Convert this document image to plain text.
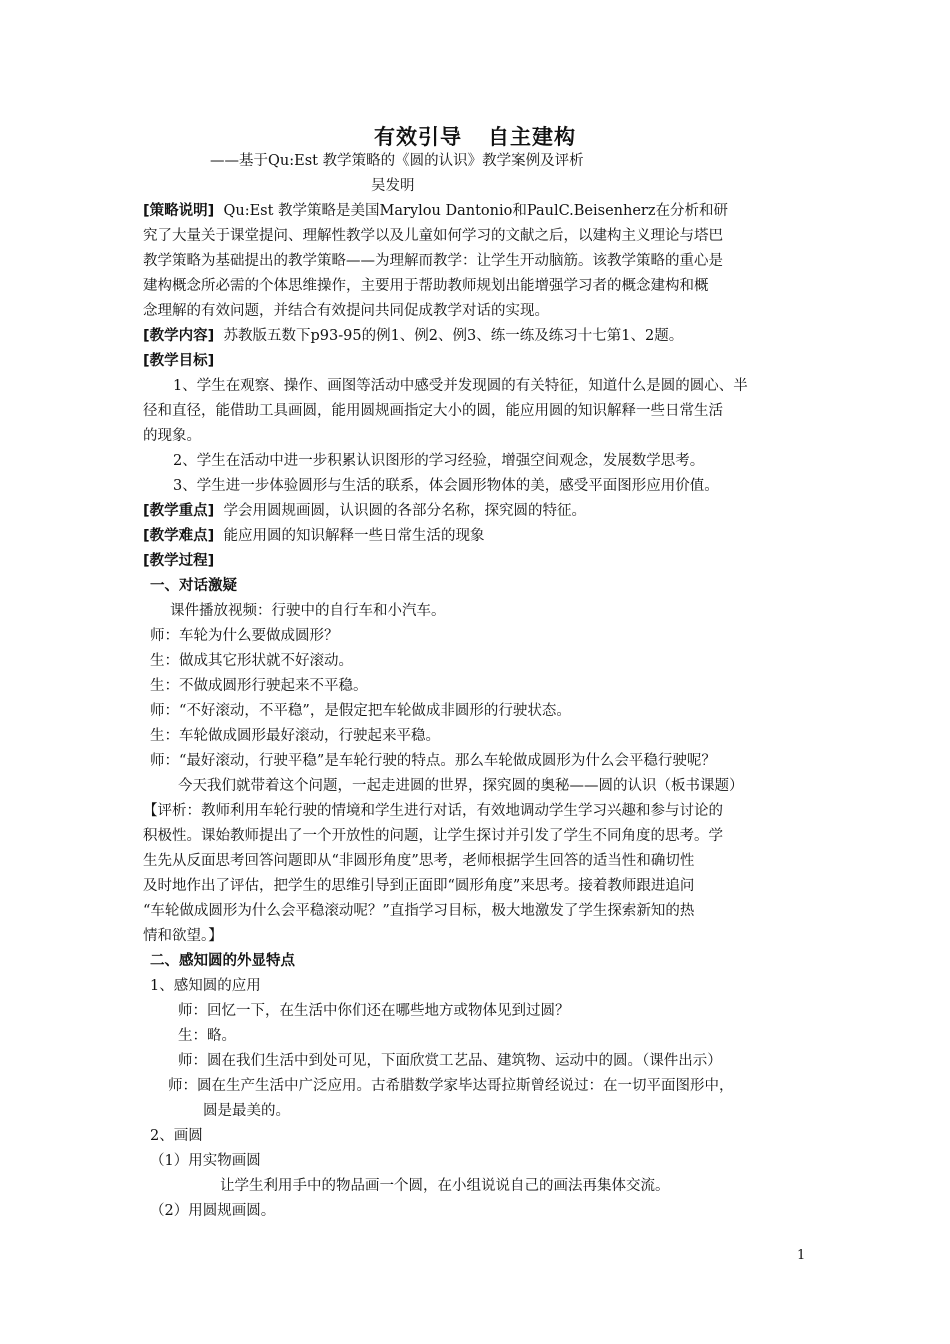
有效引导 自主建构
——基于Qu:Est 教学策略的《圆的认识》教学案例及评析
吴发明
[策略说明] Qu:Est 教学策略是美国Marylou Dantonio和PaulC.Beisenherz在分析和研
究了大量关于课堂提问、理解性教学以及儿童如何学习的文献之后，以建构主义理论与塔巴
教学策略为基础提出的教学策略——为理解而教学：让学生开动脑筋。该教学策略的重心是
建构概念所必需的个体思维操作，主要用于帮助教师规划出能增强学习者的概念建构和概
念理解的有效问题，并结合有效提问共同促成教学对话的实现。
[教学内容] 苏教版五数下p93-95的例1、例2、例3、练一练及练习十七第1、2题。
[教学目标]
1、学生在观察、操作、画图等活动中感受并发现圆的有关特征，知道什么是圆的圆心、半
径和直径，能借助工具画圆，能用圆规画指定大小的圆，能应用圆的知识解释一些日常生活
的现象。
2、学生在活动中进一步积累认识图形的学习经验，增强空间观念，发展数学思考。
3、学生进一步体验圆形与生活的联系，体会圆形物体的美，感受平面图形应用价值。
[教学重点] 学会用圆规画圆，认识圆的各部分名称，探究圆的特征。
[教学难点] 能应用圆的知识解释一些日常生活的现象
[教学过程]
一、对话激疑
课件播放视频：行驶中的自行车和小汽车。
师：车轮为什么要做成圆形？
生：做成其它形状就不好滚动。
生：不做成圆形行驶起来不平稳。
师：“不好滚动，不平稳”，是假定把车轮做成非圆形的行驶状态。
生：车轮做成圆形最好滚动，行驶起来平稳。
师：“最好滚动，行驶平稳”是车轮行驶的特点。那么车轮做成圆形为什么会平稳行驶呢？
今天我们就带着这个问题，一起走进圆的世界，探究圆的奥秘——圆的认识（板书课题）
【评析：教师利用车轮行驶的情境和学生进行对话，有效地调动学生学习兴趣和参与讨论的
积极性。课始教师提出了一个开放性的问题，让学生探讨并引发了学生不同角度的思考。学
生先从反面思考回答问题即从“非圆形角度”思考，老师根据学生回答的适当性和确切性
及时地作出了评估，把学生的思维引导到正面即“圆形角度”来思考。接着教师跟进追问
“车轮做成圆形为什么会平稳滚动呢？”直指学习目标，极大地激发了学生探索新知的热
情和欲望。】
二、感知圆的外显特点
1、感知圆的应用
师：回忆一下，在生活中你们还在哪些地方或物体见到过圆？
生：略。
师：圆在我们生活中到处可见，下面欣赏工艺品、建筑物、运动中的圆。（课件出示）
师：圆在生产生活中广泛应用。古希腊数学家毕达哥拉斯曾经说过：在一切平面图形中，
圆是最美的。
2、画圆
（1）用实物画圆
让学生利用手中的物品画一个圆，在小组说说自己的画法再集体交流。
（2）用圆规画圆。
1
